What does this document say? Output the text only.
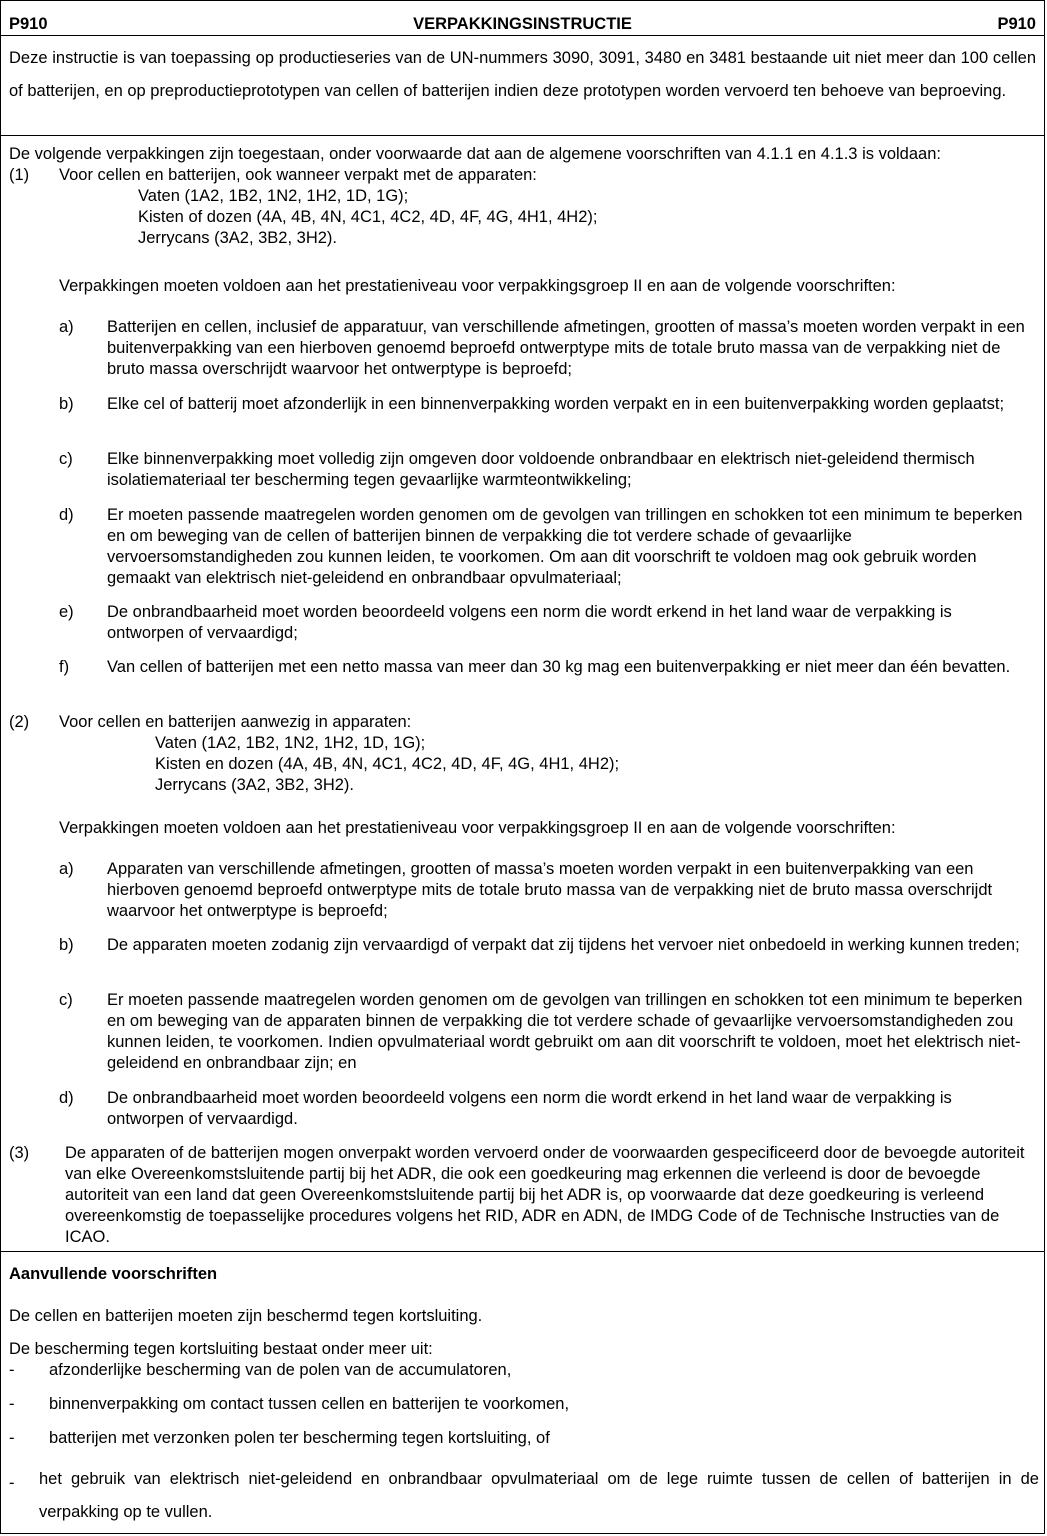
VERPAKKINGSINSTRUCTIE
P910	P910
Deze instructie is van toepassing op productieseries van de UN-nummers 3090, 3091, 3480 en 3481 bestaande uit niet meer dan 100 cellen of batterijen, en op preproductieprototypen van cellen of batterijen indien deze prototypen worden vervoerd ten behoeve van beproeving.
De volgende verpakkingen zijn toegestaan, onder voorwaarde dat aan de algemene voorschriften van 4.1.1 en 4.1.3 is voldaan:
(1) Voor cellen en batterijen, ook wanneer verpakt met de apparaten:
Vaten (1A2, 1B2, 1N2, 1H2, 1D, 1G);
Kisten of dozen (4A, 4B, 4N, 4C1, 4C2, 4D, 4F, 4G, 4H1, 4H2);
Jerrycans (3A2, 3B2, 3H2).
Verpakkingen moeten voldoen aan het prestatieniveau voor verpakkingsgroep II en aan de volgende voorschriften:
a) Batterijen en cellen, inclusief de apparatuur, van verschillende afmetingen, grootten of massa’s moeten worden verpakt in een buitenverpakking van een hierboven genoemd beproefd ontwerptype mits de totale bruto massa van de verpakking niet de bruto massa overschrijdt waarvoor het ontwerptype is beproefd;
b) Elke cel of batterij moet afzonderlijk in een binnenverpakking worden verpakt en in een buitenverpakking worden geplaatst;
c) Elke binnenverpakking moet volledig zijn omgeven door voldoende onbrandbaar en elektrisch niet-geleidend thermisch isolatiemateriaal ter bescherming tegen gevaarlijke warmteontwikkeling;
d) Er moeten passende maatregelen worden genomen om de gevolgen van trillingen en schokken tot een minimum te beperken en om beweging van de cellen of batterijen binnen de verpakking die tot verdere schade of gevaarlijke vervoersomstandigheden zou kunnen leiden, te voorkomen. Om aan dit voorschrift te voldoen mag ook gebruik worden gemaakt van elektrisch niet-geleidend en onbrandbaar opvulmateriaal;
e) De onbrandbaarheid moet worden beoordeeld volgens een norm die wordt erkend in het land waar de verpakking is ontworpen of vervaardigd;
f) Van cellen of batterijen met een netto massa van meer dan 30 kg mag een buitenverpakking er niet meer dan één bevatten.
(2) Voor cellen en batterijen aanwezig in apparaten:
Vaten (1A2, 1B2, 1N2, 1H2, 1D, 1G);
Kisten en dozen (4A, 4B, 4N, 4C1, 4C2, 4D, 4F, 4G, 4H1, 4H2);
Jerrycans (3A2, 3B2, 3H2).
Verpakkingen moeten voldoen aan het prestatieniveau voor verpakkingsgroep II en aan de volgende voorschriften:
a) Apparaten van verschillende afmetingen, grootten of massa’s moeten worden verpakt in een buitenverpakking van een hierboven genoemd beproefd ontwerptype mits de totale bruto massa van de verpakking niet de bruto massa overschrijdt waarvoor het ontwerptype is beproefd;
b) De apparaten moeten zodanig zijn vervaardigd of verpakt dat zij tijdens het vervoer niet onbedoeld in werking kunnen treden;
c) Er moeten passende maatregelen worden genomen om de gevolgen van trillingen en schokken tot een minimum te beperken en om beweging van de apparaten binnen de verpakking die tot verdere schade of gevaarlijke vervoersomstandigheden zou kunnen leiden, te voorkomen. Indien opvulmateriaal wordt gebruikt om aan dit voorschrift te voldoen, moet het elektrisch niet-geleidend en onbrandbaar zijn; en
d) De onbrandbaarheid moet worden beoordeeld volgens een norm die wordt erkend in het land waar de verpakking is ontworpen of vervaardigd.
(3) De apparaten of de batterijen mogen onverpakt worden vervoerd onder de voorwaarden gespecificeerd door de bevoegde autoriteit van elke Overeenkomstsluitende partij bij het ADR, die ook een goedkeuring mag erkennen die verleend is door de bevoegde autoriteit van een land dat geen Overeenkomstsluitende partij bij het ADR is, op voorwaarde dat deze goedkeuring is verleend overeenkomstig de toepasselijke procedures volgens het RID, ADR en ADN, de IMDG Code of de Technische Instructies van de ICAO.
Aanvullende voorschriften
De cellen en batterijen moeten zijn beschermd tegen kortsluiting.
De bescherming tegen kortsluiting bestaat onder meer uit:
- afzonderlijke bescherming van de polen van de accumulatoren,
- binnenverpakking om contact tussen cellen en batterijen te voorkomen,
- batterijen met verzonken polen ter bescherming tegen kortsluiting, of
- het gebruik van elektrisch niet-geleidend en onbrandbaar opvulmateriaal om de lege ruimte tussen de cellen of batterijen in de verpakking op te vullen.
